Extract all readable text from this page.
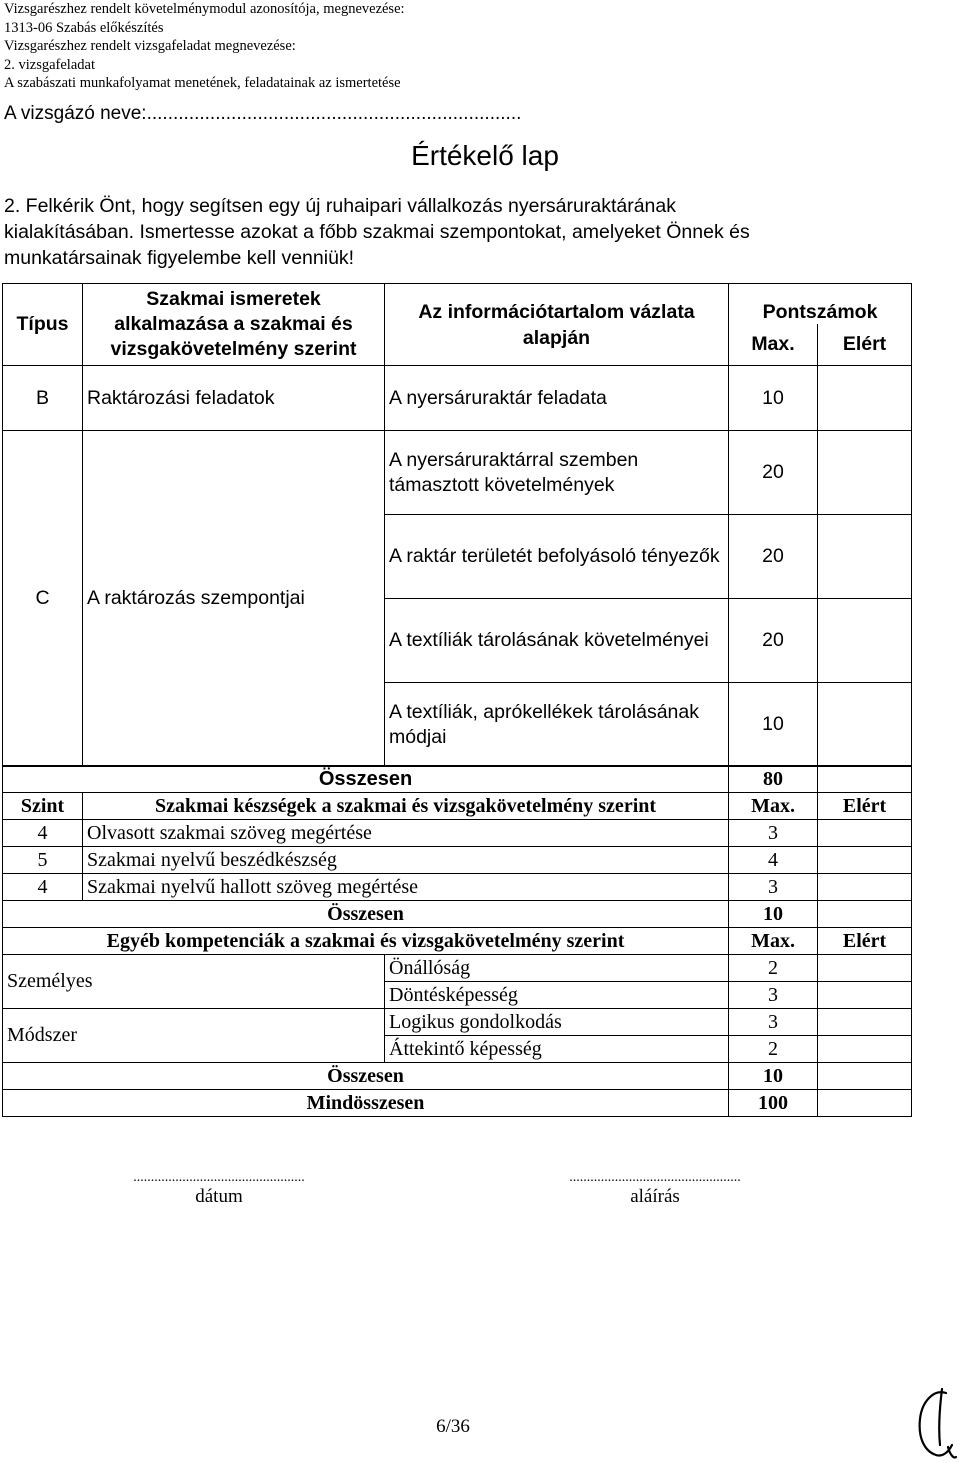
Vizsgarészhez rendelt követelménymodul azonosítója, megnevezése:
1313-06 Szabás előkészítés
Vizsgarészhez rendelt vizsgafeladat megnevezése:
2. vizsgafeladat
A szabászati munkafolyamat menetének, feladatainak az ismertetése
A vizsgázó neve:.......................................................................
Értékelő lap
2. Felkérik Önt, hogy segítsen egy új ruhaipari vállalkozás nyersáruraktárának
kialakításában. Ismertesse azokat a főbb szakmai szempontokat, amelyeket Önnek és
munkatársainak figyelembe kell venniük!
Típus	Szakmai ismeretek alkalmazása a szakmai és vizsgakövetelmény szerint	Az információtartalom vázlata alapján	Pontszámok	
			Max.	Elért
B	Raktározási feladatok	A nyersáruraktár feladata	10	
C	A raktározás szempontjai	A nyersáruraktárral szemben támasztott követelmények	20	
		A raktár területét befolyásoló tényezők	20	
		A textíliák tárolásának követelményei	20	
		A textíliák, aprókellékek tárolásának módjai	10	
Összesen			80	
Szint	Szakmai készségek a szakmai és vizsgakövetelmény szerint		Max.	Elért
4	Olvasott szakmai szöveg megértése		3	
5	Szakmai nyelvű beszédkészség		4	
4	Szakmai nyelvű hallott szöveg megértése		3	
Összesen			10	
Egyéb kompetenciák a szakmai és vizsgakövetelmény szerint			Max.	Elért
Személyes		Önállóság	2	
		Döntésképesség	3	
Módszer		Logikus gondolkodás	3	
		Áttekintő képesség	2	
Összesen			10	
Mindösszesen			100	
.................................................
dátum
.................................................
aláírás
6/36
